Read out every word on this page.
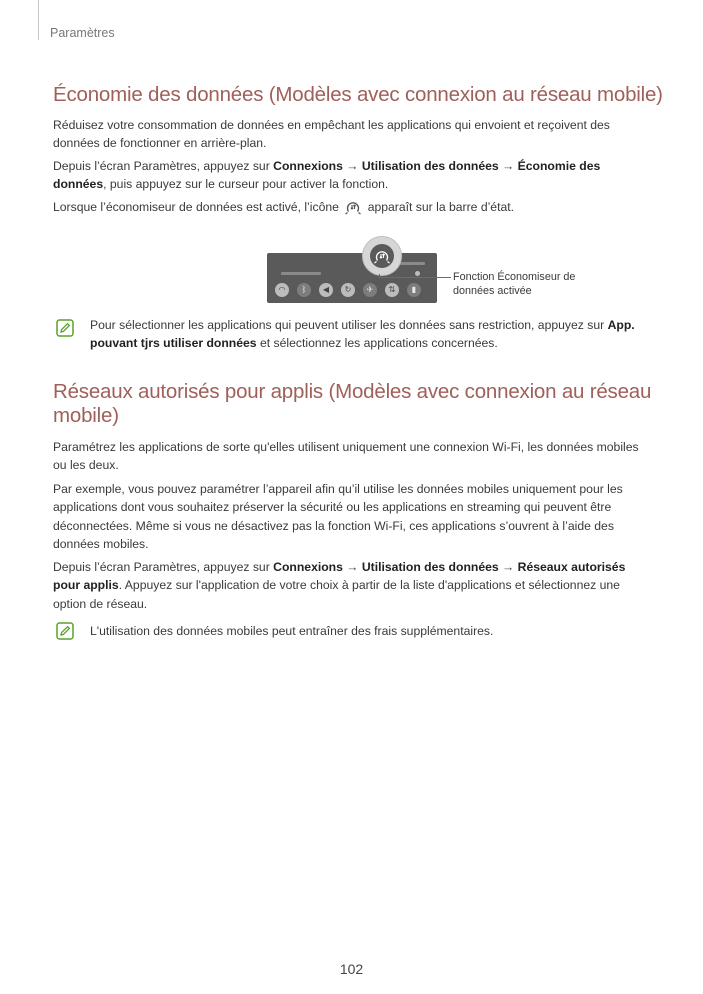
Paramètres
Économie des données (Modèles avec connexion au réseau mobile)

Réduisez votre consommation de données en empêchant les applications qui envoient et reçoivent des données de fonctionner en arrière-plan.

Depuis l’écran Paramètres, appuyez sur Connexions → Utilisation des données → Économie des données, puis appuyez sur le curseur pour activer la fonction.

Lorsque l’économiseur de données est activé, l’icône apparaît sur la barre d’état.

◠	ᛒ	◀	↻	✈	⇅	▮
Fonction Économiseur de données activée
Pour sélectionner les applications qui peuvent utiliser les données sans restriction, appuyez sur App. pouvant tjrs utiliser données et sélectionnez les applications concernées.
Réseaux autorisés pour applis (Modèles avec connexion au réseau mobile)

Paramétrez les applications de sorte qu'elles utilisent uniquement une connexion Wi-Fi, les données mobiles ou les deux.

Par exemple, vous pouvez paramétrer l’appareil afin qu’il utilise les données mobiles uniquement pour les applications dont vous souhaitez préserver la sécurité ou les applications en streaming qui peuvent être déconnectées. Même si vous ne désactivez pas la fonction Wi-Fi, ces applications s’ouvrent à l’aide des données mobiles.

Depuis l’écran Paramètres, appuyez sur Connexions → Utilisation des données → Réseaux autorisés pour applis. Appuyez sur l'application de votre choix à partir de la liste d'applications et sélectionnez une option de réseau.

L'utilisation des données mobiles peut entraîner des frais supplémentaires.
102
